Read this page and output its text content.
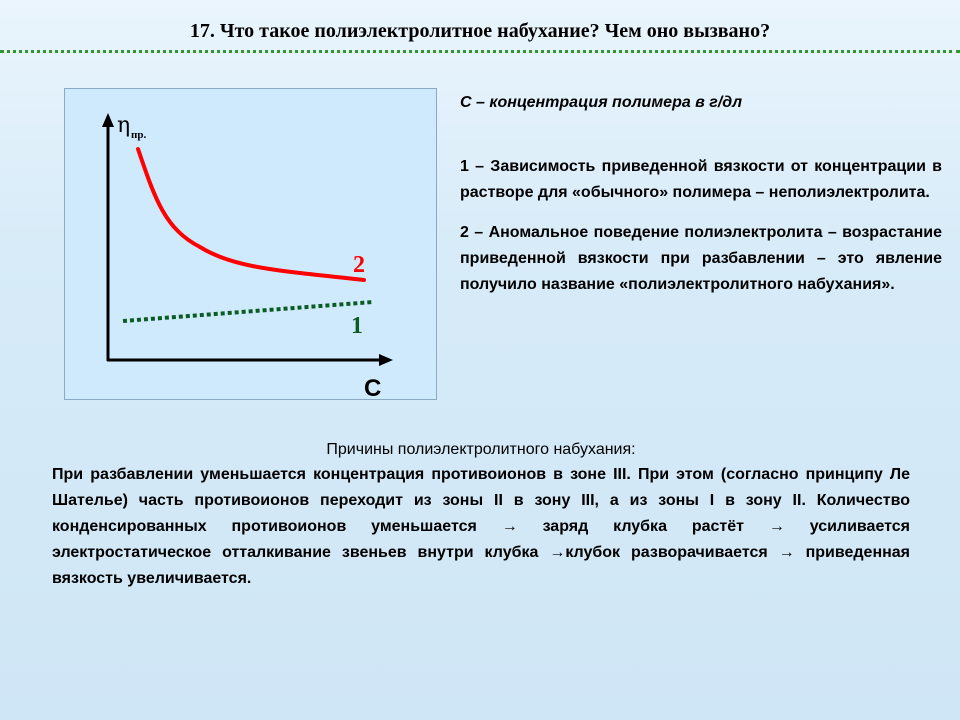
17. Что такое полиэлектролитное набухание? Чем оно вызвано?
η пр.
С
2
1
С – концентрация полимера в г/дл
1 – Зависимость приведенной вязкости от концентрации в растворе для «обычного» полимера – неполиэлектролита.
2 – Аномальное поведение полиэлектролита – возрастание приведенной вязкости при разбавлении – это явление получило название «полиэлектролитного набухания».
Причины полиэлектролитного набухания:
При разбавлении уменьшается концентрация противоионов в зоне III. При этом (согласно принципу Ле Шателье) часть противоионов переходит из зоны II в зону III, а из зоны I в зону II. Количество конденсированных противоионов уменьшается → заряд клубка растёт → усиливается электростатическое отталкивание звеньев внутри клубка →клубок разворачивается → приведенная вязкость увеличивается.
